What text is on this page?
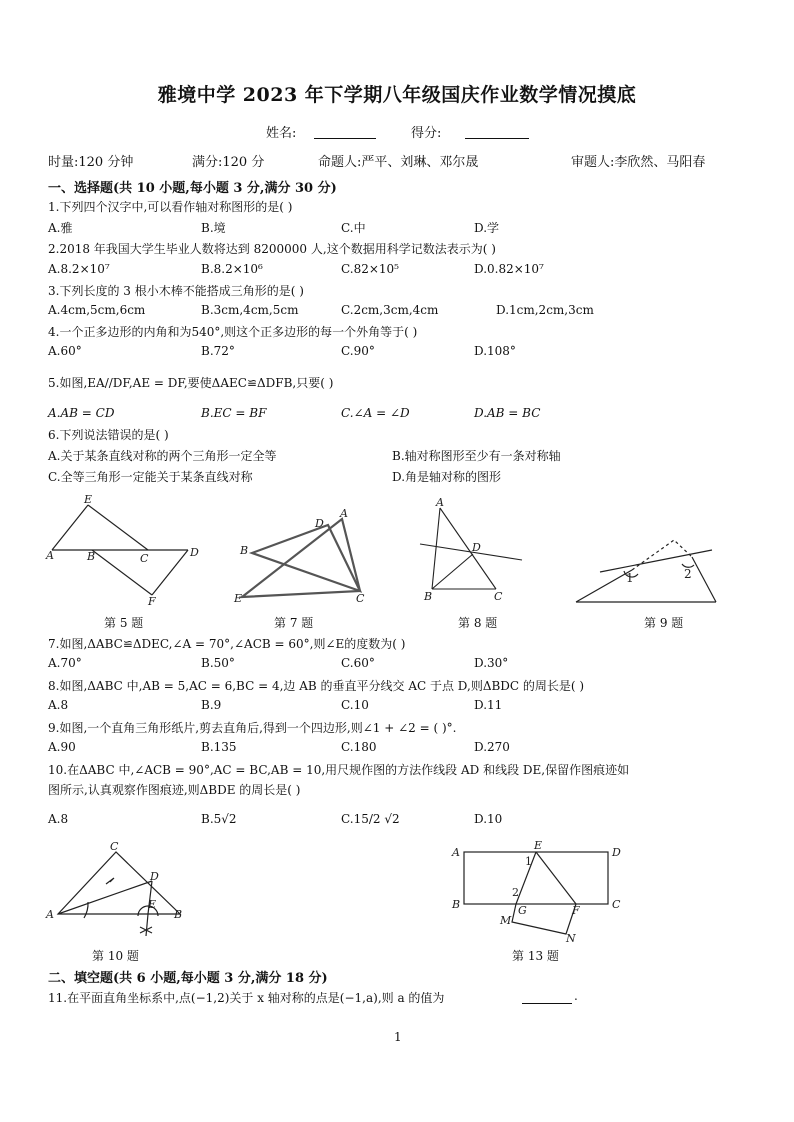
雅境中学 2023 年下学期八年级国庆作业数学情况摸底
姓名:	得分:
时量:120 分钟	满分:120 分	命题人:严平、刘琳、邓尔晟	审题人:李欣然、马阳春
一、选择题(共 10 小题,每小题 3 分,满分 30 分)
1.下列四个汉字中,可以看作轴对称图形的是( )
A.雅	B.境	C.中	D.学
2.2018 年我国大学生毕业人数将达到 8200000 人,这个数据用科学记数法表示为( )
A.8.2×10⁷	B.8.2×10⁶	C.82×10⁵	D.0.82×10⁷
3.下列长度的 3 根小木棒不能搭成三角形的是( )
A.4cm,5cm,6cm	B.3cm,4cm,5cm	C.2cm,3cm,4cm	D.1cm,2cm,3cm
4.一个正多边形的内角和为540°,则这个正多边形的每一个外角等于( )
A.60°	B.72°	C.90°	D.108°
5.如图,EA//DF,AE = DF,要使ΔAEC≌ΔDFB,只要( )
A.AB = CD	B.EC = BF	C.∠A = ∠D	D.AB = BC
6.下列说法错误的是( )
A.关于某条直线对称的两个三角形一定全等	B.轴对称图形至少有一条对称轴
C.全等三角形一定能关于某条直线对称	D.角是轴对称的图形
E
A	B	C	D
F
第 5 题
B
D
A
E	C
第 7 题
A
D
B	C
第 8 题
1	2
第 9 题
7.如图,ΔABC≌ΔDEC,∠A = 70°,∠ACB = 60°,则∠E的度数为( )
A.70°	B.50°	C.60°	D.30°
8.如图,ΔABC 中,AB = 5,AC = 6,BC = 4,边 AB 的垂直平分线交 AC 于点 D,则ΔBDC 的周长是( )
A.8	B.9	C.10	D.11
9.如图,一个直角三角形纸片,剪去直角后,得到一个四边形,则∠1 + ∠2 = ( )°.
A.90	B.135	C.180	D.270
10.在ΔABC 中,∠ACB = 90°,AC = BC,AB = 10,用尺规作图的方法作线段 AD 和线段 DE,保留作图痕迹如
图所示,认真观察作图痕迹,则ΔBDE 的周长是( )
A.8	B.5√2	C.15/2 √2	D.10
C
D
A
E
B
第 10 题
A
E
D
B	G	F	C
M
N
1
2
第 13 题
二、填空题(共 6 小题,每小题 3 分,满分 18 分)
11.在平面直角坐标系中,点(−1,2)关于 x 轴对称的点是(−1,a),则 a 的值为	.
1
